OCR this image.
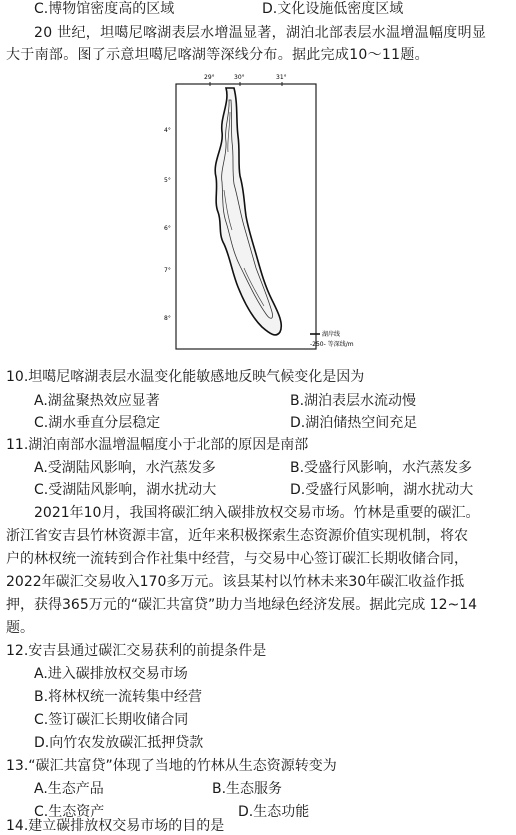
C.博物馆密度高的区域	D.文化设施低密度区域
20 世纪，坦噶尼喀湖表层水增温显著，湖泊北部表层水温增温幅度明显
大于南部。图了示意坦噶尼喀湖等深线分布。据此完成10～11题。
29°	30°	31°
4°
5°
6°
7°
8°
湖岸线
-250- 等深线/m
10.坦噶尼喀湖表层水温变化能敏感地反映气候变化是因为
A.湖盆聚热效应显著	B.湖泊表层水流动慢
C.湖水垂直分层稳定	D.湖泊储热空间充足
11.湖泊南部水温增温幅度小于北部的原因是南部
A.受湖陆风影响，水汽蒸发多	B.受盛行风影响，水汽蒸发多
C.受湖陆风影响，湖水扰动大	D.受盛行风影响，湖水扰动大
2021年10月，我国将碳汇纳入碳排放权交易市场。竹林是重要的碳汇。
浙江省安吉县竹林资源丰富，近年来积极探索生态资源价值实现机制，将农
户的林权统一流转到合作社集中经营，与交易中心签订碳汇长期收储合同，
2022年碳汇交易收入170多万元。该县某村以竹林未来30年碳汇收益作抵
押，获得365万元的“碳汇共富贷”助力当地绿色经济发展。据此完成 12~14
题。
12.安吉县通过碳汇交易获利的前提条件是
A.进入碳排放权交易市场
B.将林权统一流转集中经营
C.签订碳汇长期收储合同
D.向竹农发放碳汇抵押贷款
13.“碳汇共富贷”体现了当地的竹林从生态资源转变为
A.生态产品	B.生态服务
C.生态资产	D.生态功能
14.建立碳排放权交易市场的目的是
